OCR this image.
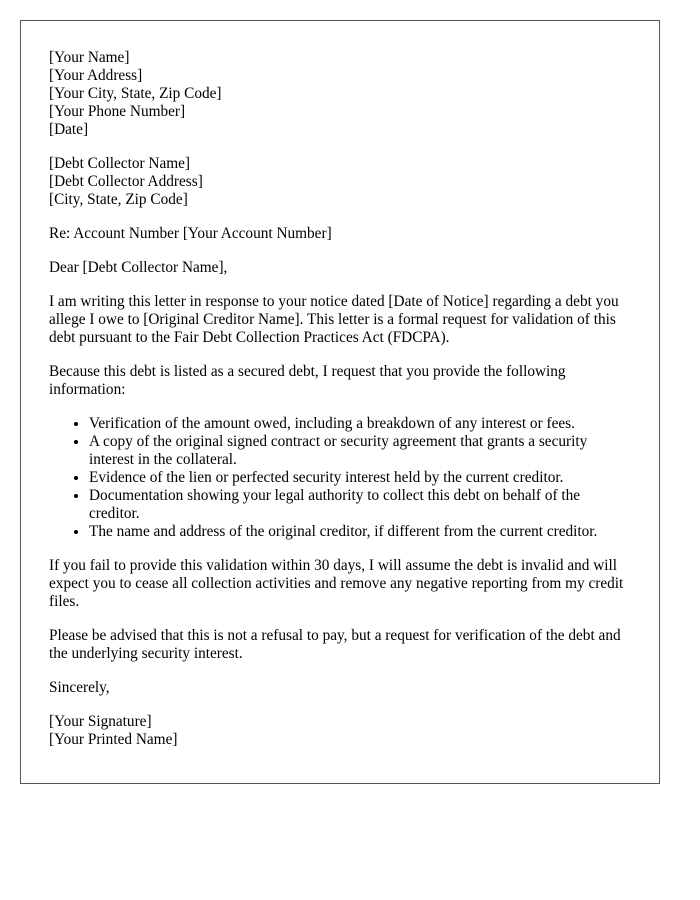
[Your Name]
[Your Address]
[Your City, State, Zip Code]
[Your Phone Number]
[Date]
[Debt Collector Name]
[Debt Collector Address]
[City, State, Zip Code]

Re: Account Number [Your Account Number]

Dear [Debt Collector Name],

I am writing this letter in response to your notice dated [Date of Notice] regarding a debt you allege I owe to [Original Creditor Name]. This letter is a formal request for validation of this debt pursuant to the Fair Debt Collection Practices Act (FDCPA).

Because this debt is listed as a secured debt, I request that you provide the following information:

• Verification of the amount owed, including a breakdown of any interest or fees.
• A copy of the original signed contract or security agreement that grants a security interest in the collateral.
• Evidence of the lien or perfected security interest held by the current creditor.
• Documentation showing your legal authority to collect this debt on behalf of the creditor.
• The name and address of the original creditor, if different from the current creditor.

If you fail to provide this validation within 30 days, I will assume the debt is invalid and will expect you to cease all collection activities and remove any negative reporting from my credit files.

Please be advised that this is not a refusal to pay, but a request for verification of the debt and the underlying security interest.

Sincerely,

[Your Signature]
[Your Printed Name]
